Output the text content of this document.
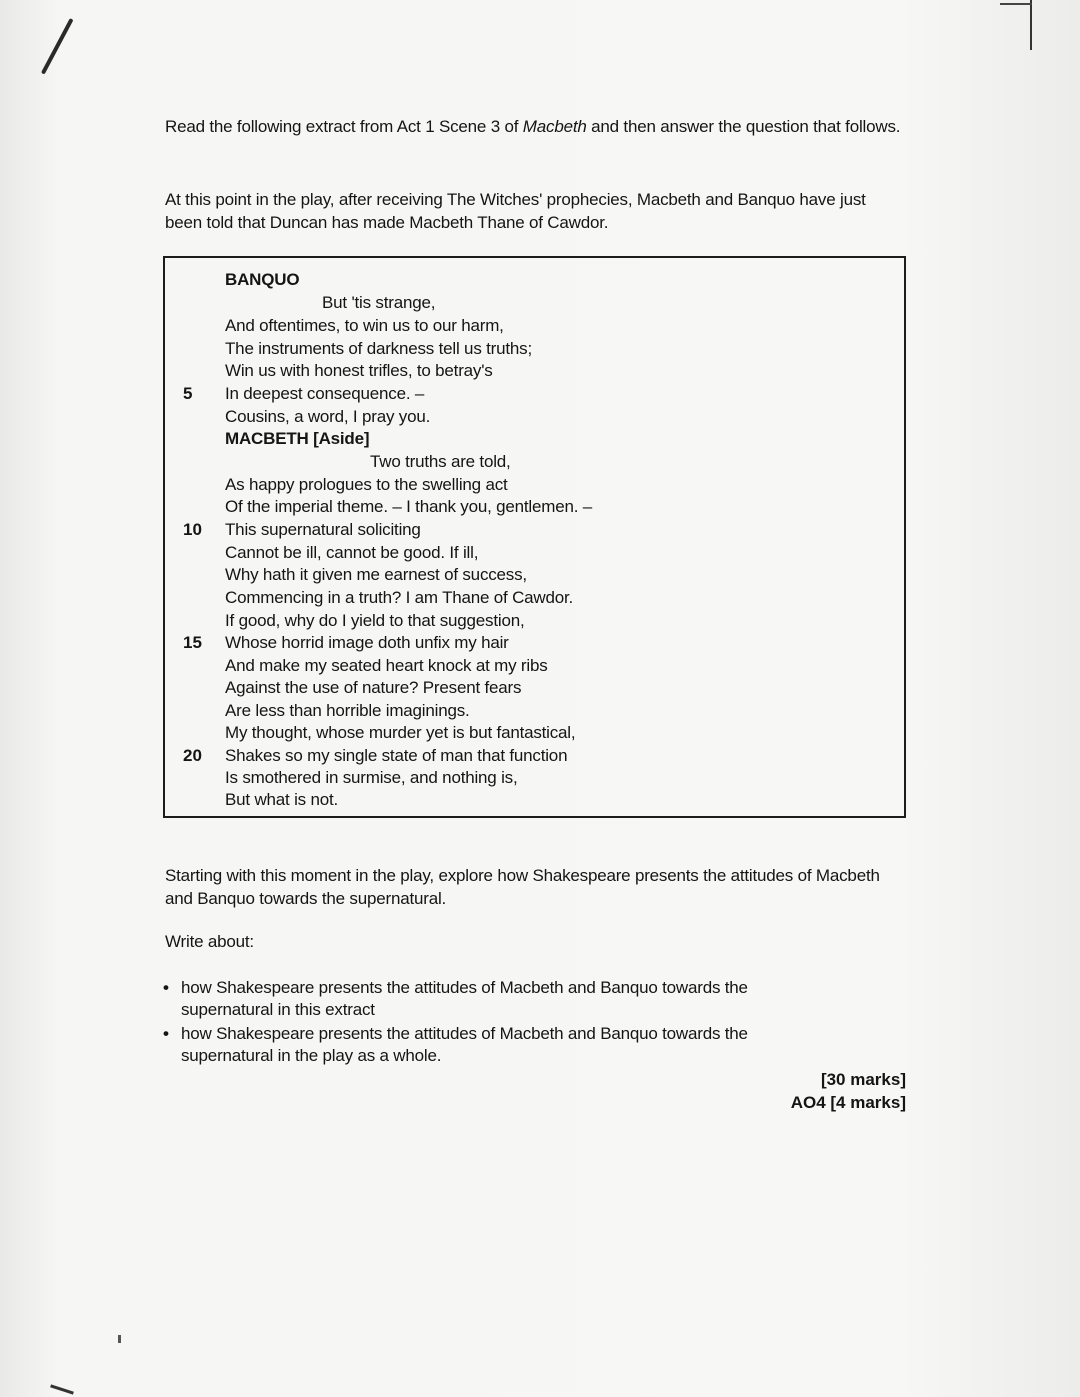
Read the following extract from Act 1 Scene 3 of Macbeth and then answer the question that follows.
At this point in the play, after receiving The Witches' prophecies, Macbeth and Banquo have just been told that Duncan has made Macbeth Thane of Cawdor.
BANQUO
But 'tis strange,
And oftentimes, to win us to our harm,
The instruments of darkness tell us truths;
Win us with honest trifles, to betray's
5	In deepest consequence. –
Cousins, a word, I pray you.
MACBETH [Aside]
Two truths are told,
As happy prologues to the swelling act
Of the imperial theme. – I thank you, gentlemen. –
10	This supernatural soliciting
Cannot be ill, cannot be good. If ill,
Why hath it given me earnest of success,
Commencing in a truth? I am Thane of Cawdor.
If good, why do I yield to that suggestion,
15	Whose horrid image doth unfix my hair
And make my seated heart knock at my ribs
Against the use of nature? Present fears
Are less than horrible imaginings.
My thought, whose murder yet is but fantastical,
20	Shakes so my single state of man that function
Is smothered in surmise, and nothing is,
But what is not.
Starting with this moment in the play, explore how Shakespeare presents the attitudes of Macbeth and Banquo towards the supernatural.
Write about:
• how Shakespeare presents the attitudes of Macbeth and Banquo towards the supernatural in this extract
• how Shakespeare presents the attitudes of Macbeth and Banquo towards the supernatural in the play as a whole.
[30 marks]
AO4 [4 marks]
